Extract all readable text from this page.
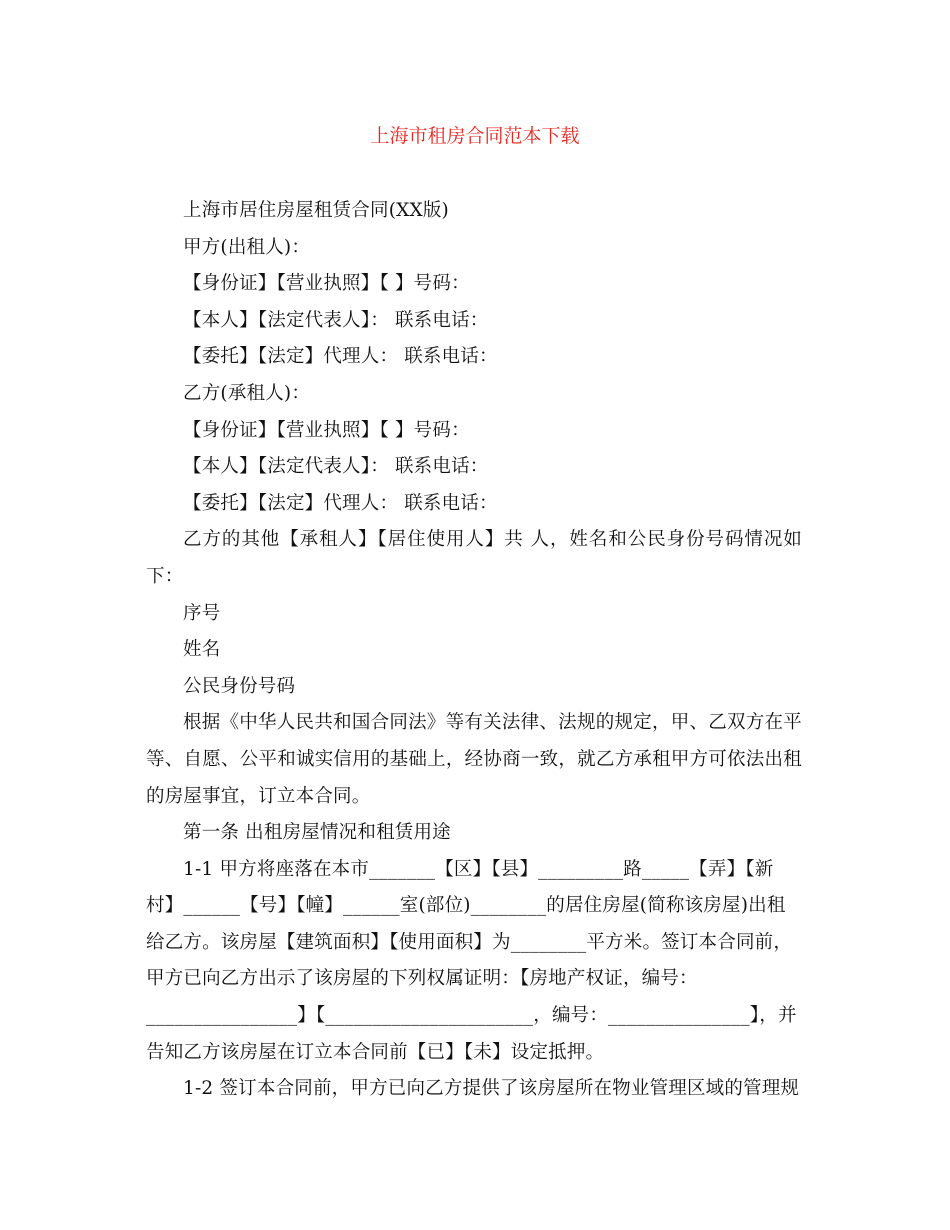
上海市租房合同范本下载

上海市居住房屋租赁合同(XX版)

甲方(出租人)：

【身份证】【营业执照】【 】号码：

【本人】【法定代表人】： 联系电话：

【委托】【法定】代理人： 联系电话：

乙方(承租人)：

【身份证】【营业执照】【 】号码：

【本人】【法定代表人】： 联系电话：

【委托】【法定】代理人： 联系电话：

乙方的其他【承租人】【居住使用人】共 人，姓名和公民身份号码情况如下：

序号

姓名

公民身份号码

根据《中华人民共和国合同法》等有关法律、法规的规定，甲、乙双方在平等、自愿、公平和诚实信用的基础上，经协商一致，就乙方承租甲方可依法出租的房屋事宜，订立本合同。

第一条 出租房屋情况和租赁用途

1-1 甲方将座落在本市_______【区】【县】_________路_____【弄】【新

村】______【号】【幢】______室(部位)________的居住房屋(简称该房屋)出租

给乙方。该房屋【建筑面积】【使用面积】为________平方米。签订本合同前，

甲方已向乙方出示了该房屋的下列权属证明：【房地产权证，编号：

________________】【______________________，编号：_______________】，并

告知乙方该房屋在订立本合同前【已】【未】设定抵押。

1-2 签订本合同前，甲方已向乙方提供了该房屋所在物业管理区域的管理规
